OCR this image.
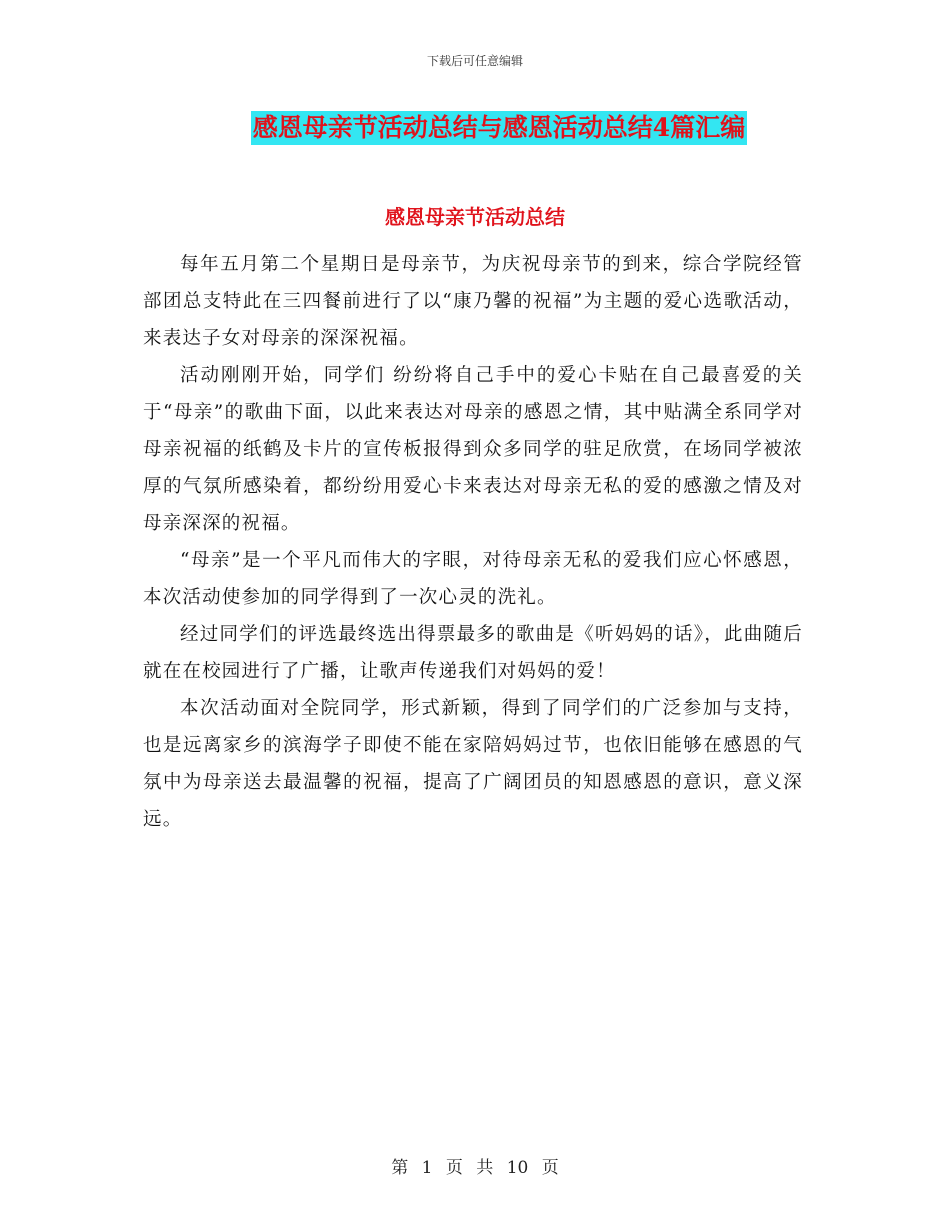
下载后可任意编辑
感恩母亲节活动总结与感恩活动总结4篇汇编
感恩母亲节活动总结

每年五月第二个星期日是母亲节，为庆祝母亲节的到来，综合学院经管部团总支特此在三四餐前进行了以“康乃馨的祝福”为主题的爱心选歌活动，来表达子女对母亲的深深祝福。

活动刚刚开始，同学们 纷纷将自己手中的爱心卡贴在自己最喜爱的关于“母亲”的歌曲下面，以此来表达对母亲的感恩之情，其中贴满全系同学对母亲祝福的纸鹤及卡片的宣传板报得到众多同学的驻足欣赏，在场同学被浓厚的气氛所感染着，都纷纷用爱心卡来表达对母亲无私的爱的感激之情及对母亲深深的祝福。

“母亲”是一个平凡而伟大的字眼，对待母亲无私的爱我们应心怀感恩，本次活动使参加的同学得到了一次心灵的洗礼。

经过同学们的评选最终选出得票最多的歌曲是《听妈妈的话》，此曲随后就在在校园进行了广播，让歌声传递我们对妈妈的爱！

本次活动面对全院同学，形式新颖，得到了同学们的广泛参加与支持，也是远离家乡的滨海学子即使不能在家陪妈妈过节，也依旧能够在感恩的气氛中为母亲送去最温馨的祝福，提高了广阔团员的知恩感恩的意识，意义深远。

第 1 页 共 10 页
